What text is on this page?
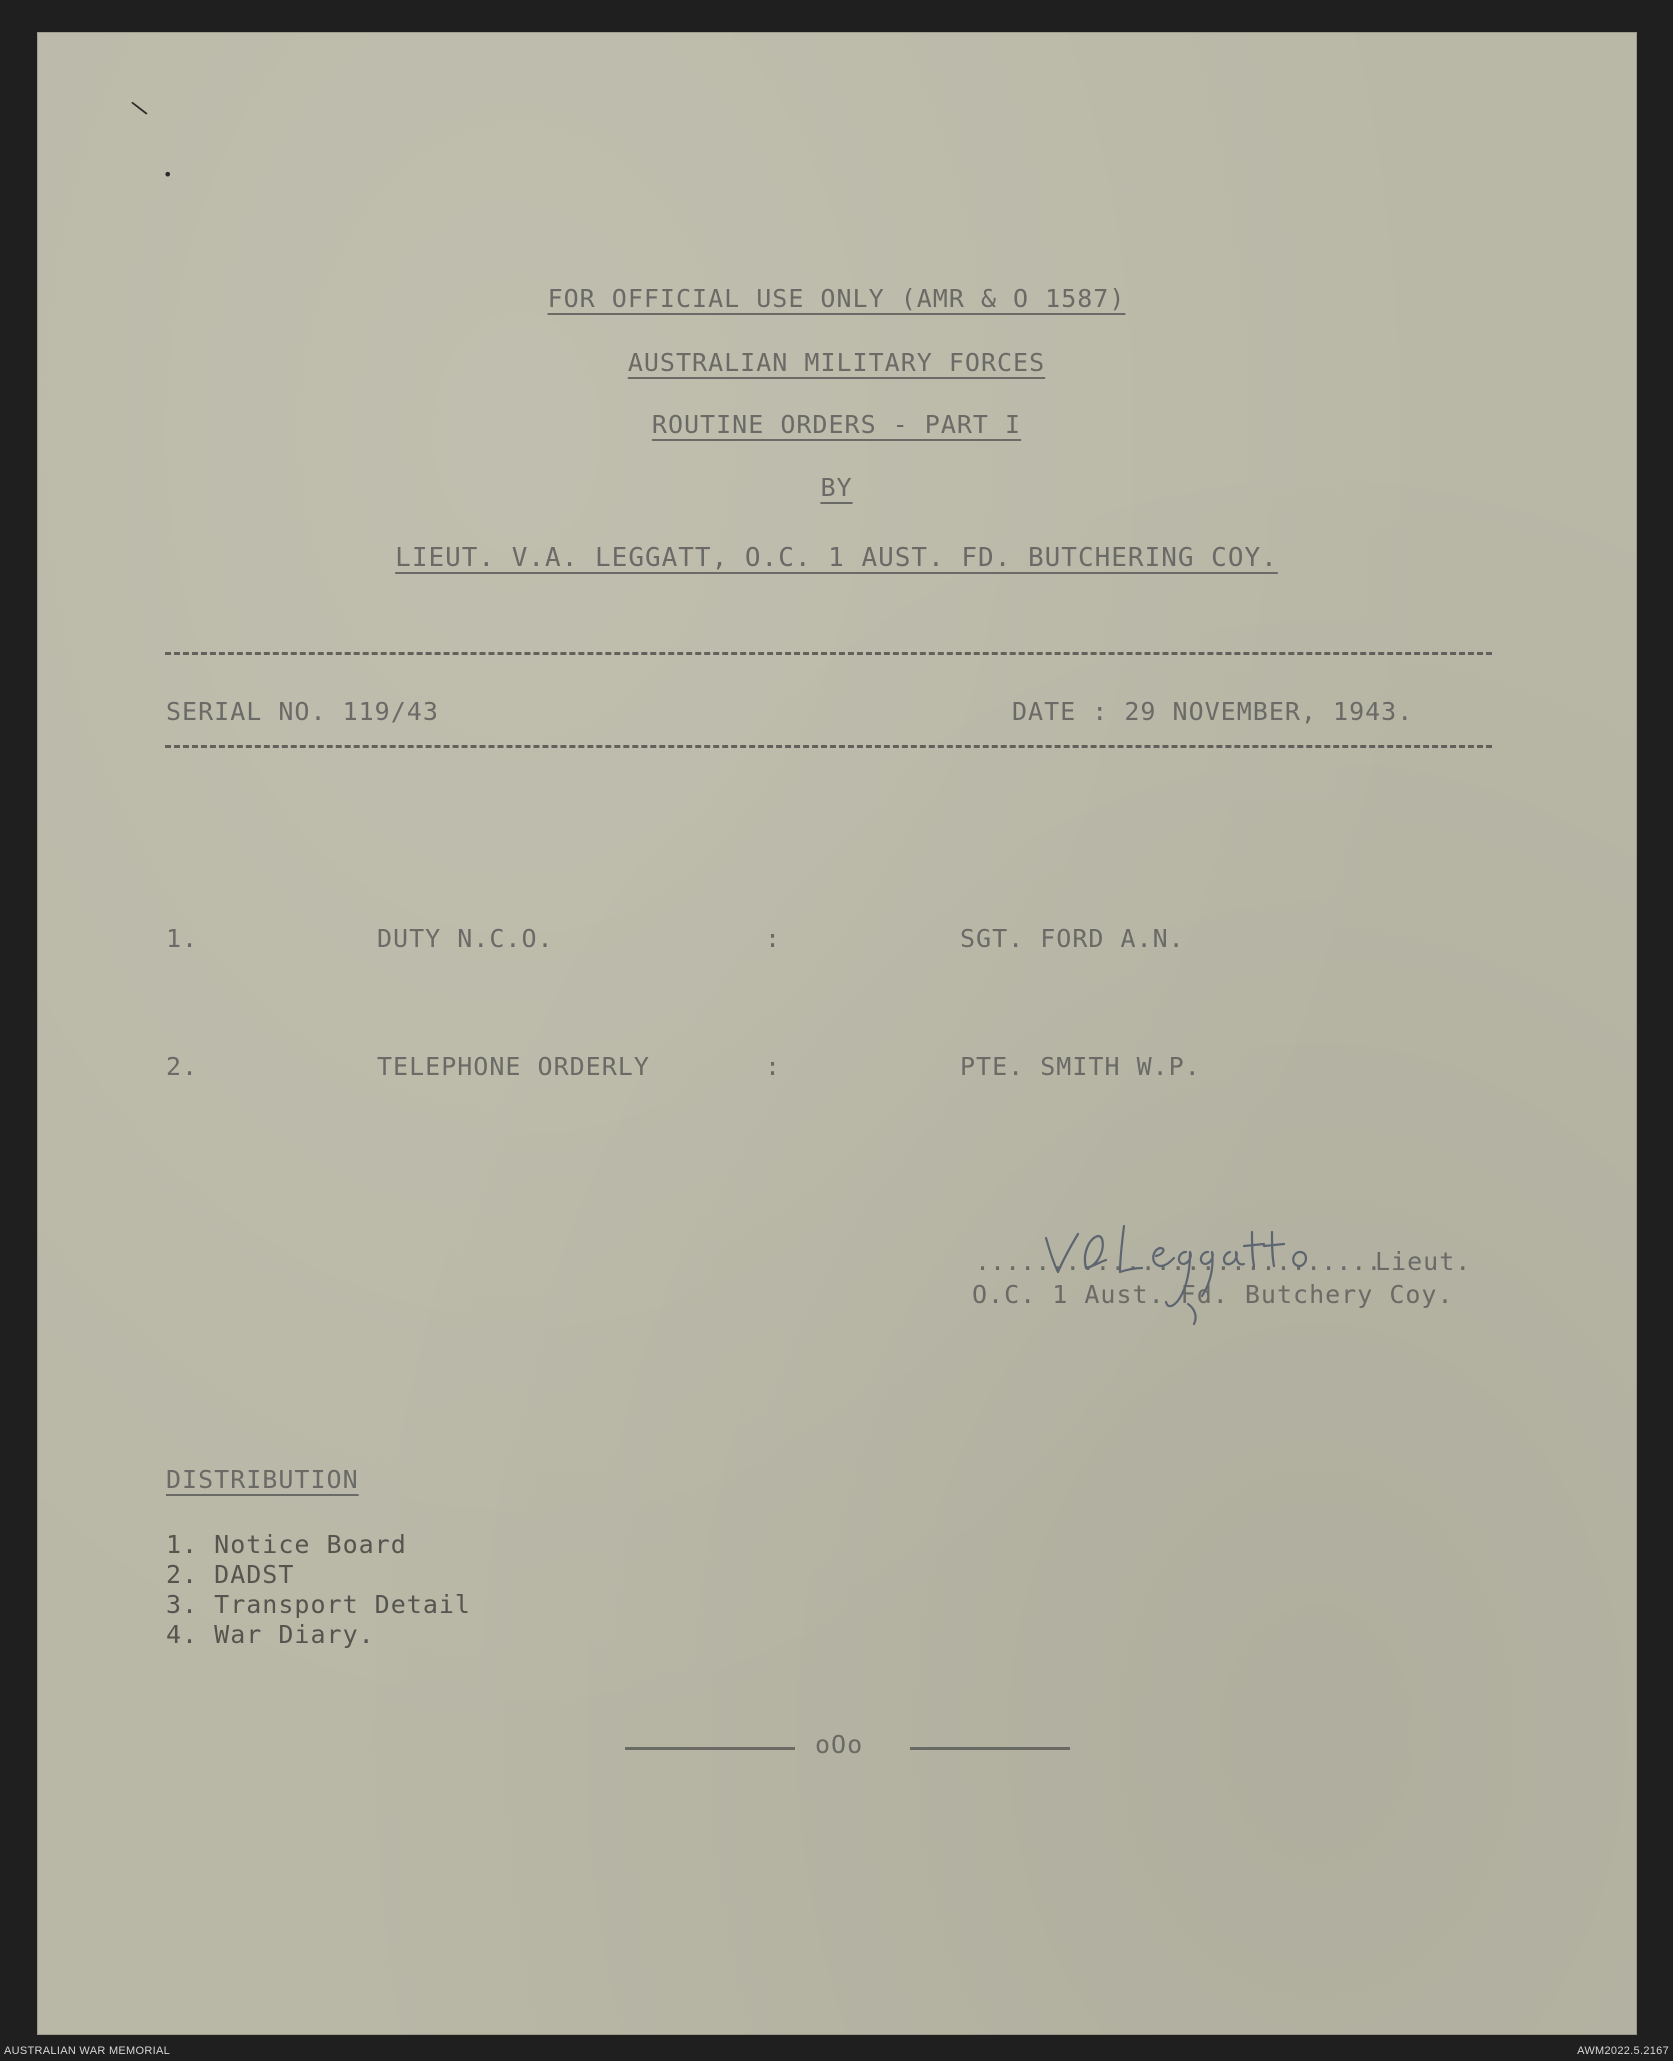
\
•
FOR OFFICIAL USE ONLY (AMR & O 1587)
AUSTRALIAN MILITARY FORCES
ROUTINE ORDERS - PART I
BY
LIEUT. V.A. LEGGATT, O.C. 1 AUST. FD. BUTCHERING COY.
SERIAL NO. 119/43	DATE : 29 NOVEMBER, 1943.
1.	DUTY N.C.O.	:	SGT. FORD A.N.
2.	TELEPHONE ORDERLY	:	PTE. SMITH W.P.
...........................
Lieut.
O.C. 1 Aust. Fd. Butchery Coy.
DISTRIBUTION
1. Notice Board
2. DADST
3. Transport Detail
4. War Diary.
oOo
AUSTRALIAN WAR MEMORIAL	AWM2022.5.2167
